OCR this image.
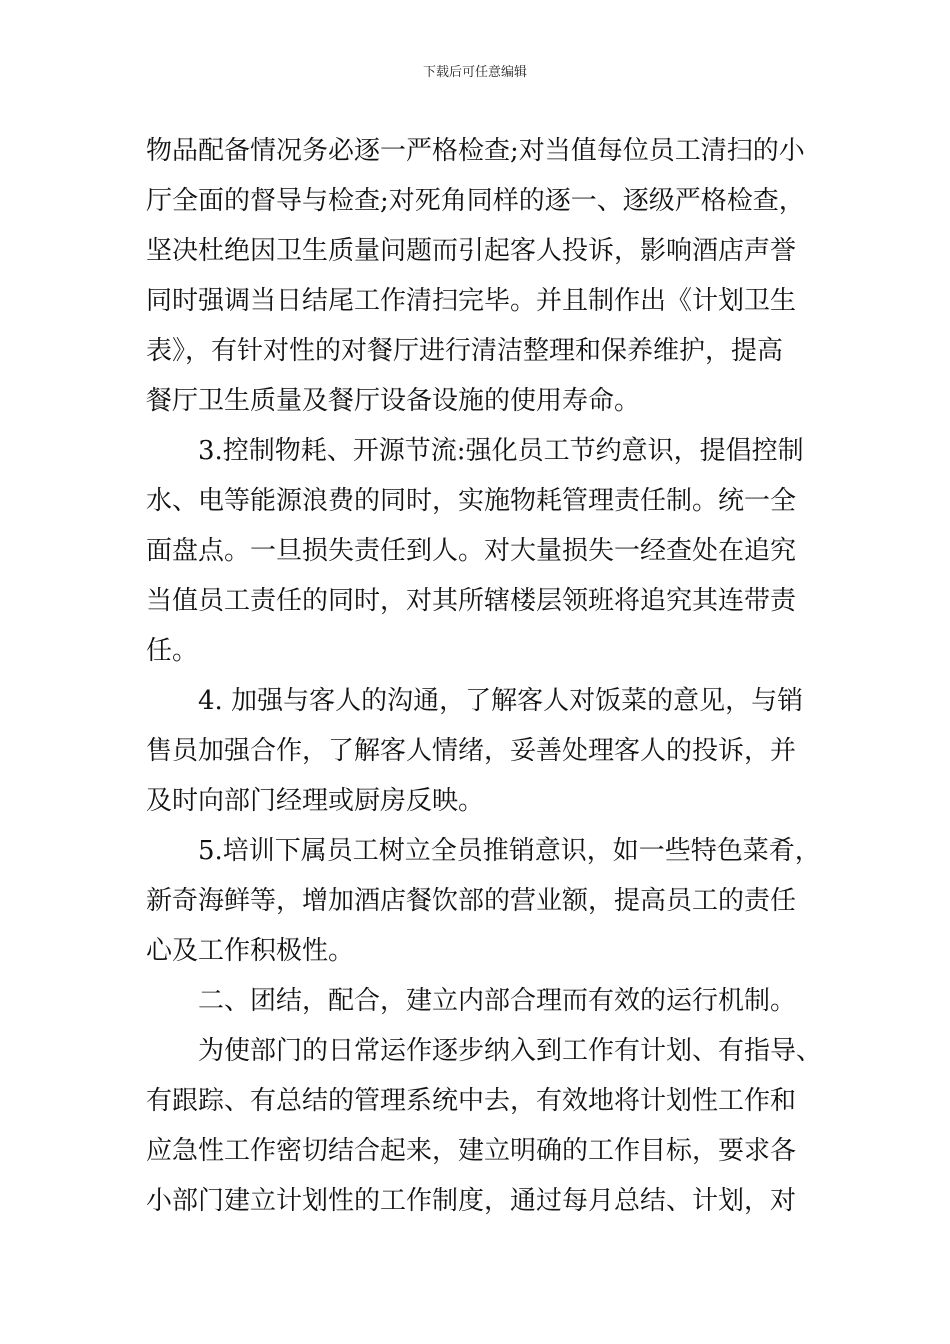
下载后可任意编辑
物品配备情况务必逐一严格检查;对当值每位员工清扫的小
厅全面的督导与检查;对死角同样的逐一、逐级严格检查，
坚决杜绝因卫生质量问题而引起客人投诉，影响酒店声誉
同时强调当日结尾工作清扫完毕。并且制作出《计划卫生
表》，有针对性的对餐厅进行清洁整理和保养维护，提高
餐厅卫生质量及餐厅设备设施的使用寿命。
3.控制物耗、开源节流:强化员工节约意识，提倡控制
水、电等能源浪费的同时，实施物耗管理责任制。统一全
面盘点。一旦损失责任到人。对大量损失一经查处在追究
当值员工责任的同时，对其所辖楼层领班将追究其连带责
任。
4. 加强与客人的沟通，了解客人对饭菜的意见，与销
售员加强合作，了解客人情绪，妥善处理客人的投诉，并
及时向部门经理或厨房反映。
5.培训下属员工树立全员推销意识，如一些特色菜肴，
新奇海鲜等，增加酒店餐饮部的营业额，提高员工的责任
心及工作积极性。
二、团结，配合，建立内部合理而有效的运行机制。
为使部门的日常运作逐步纳入到工作有计划、有指导、
有跟踪、有总结的管理系统中去，有效地将计划性工作和
应急性工作密切结合起来，建立明确的工作目标，要求各
小部门建立计划性的工作制度，通过每月总结、计划，对
